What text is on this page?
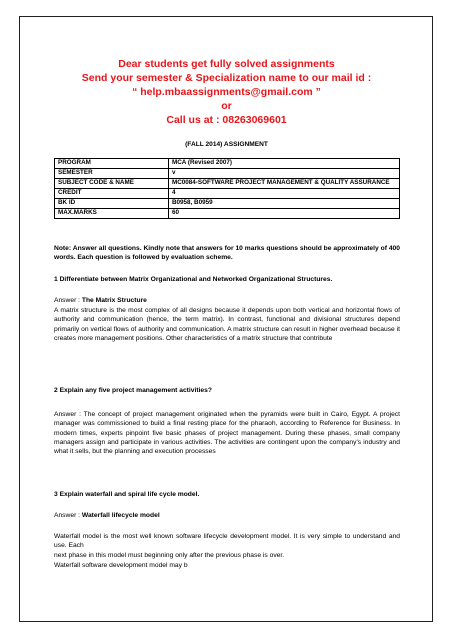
Dear students get fully solved assignments
Send your semester & Specialization name to our mail id :
“ help.mbaassignments@gmail.com ”
or
Call us at : 08263069601
(FALL 2014) ASSIGNMENT
PROGRAM	MCA (Revised 2007)
SEMESTER	v
SUBJECT CODE & NAME	MC0084-SOFTWARE PROJECT MANAGEMENT & QUALITY ASSURANCE
CREDIT	4
BK ID	B0958, B0959
MAX.MARKS	60
Note: Answer all questions. Kindly note that answers for 10 marks questions should be approximately of 400 words. Each question is followed by evaluation scheme.
1 Differentiate between Matrix Organizational and Networked Organizational Structures.
Answer : The Matrix Structure
A matrix structure is the most complex of all designs because it depends upon both vertical and horizontal flows of authority and communication (hence, the term matrix). In contrast, functional and divisional structures depend primarily on vertical flows of authority and communication. A matrix structure can result in higher overhead because it creates more management positions. Other characteristics of a matrix structure that contribute
2 Explain any five project management activities?
Answer : The concept of project management originated when the pyramids were built in Cairo, Egypt. A project manager was commissioned to build a final resting place for the pharaoh, according to Reference for Business. In modern times, experts pinpoint five basic phases of project management. During these phases, small company managers assign and participate in various activities. The activities are contingent upon the company's industry and what it sells, but the planning and execution processes
3 Explain waterfall and spiral life cycle model.
Answer : Waterfall lifecycle model
Waterfall model is the most well known software lifecycle development model. It is very simple to understand and use. Each
next phase in this model must beginning only after the previous phase is over.
Waterfall software development model may b
